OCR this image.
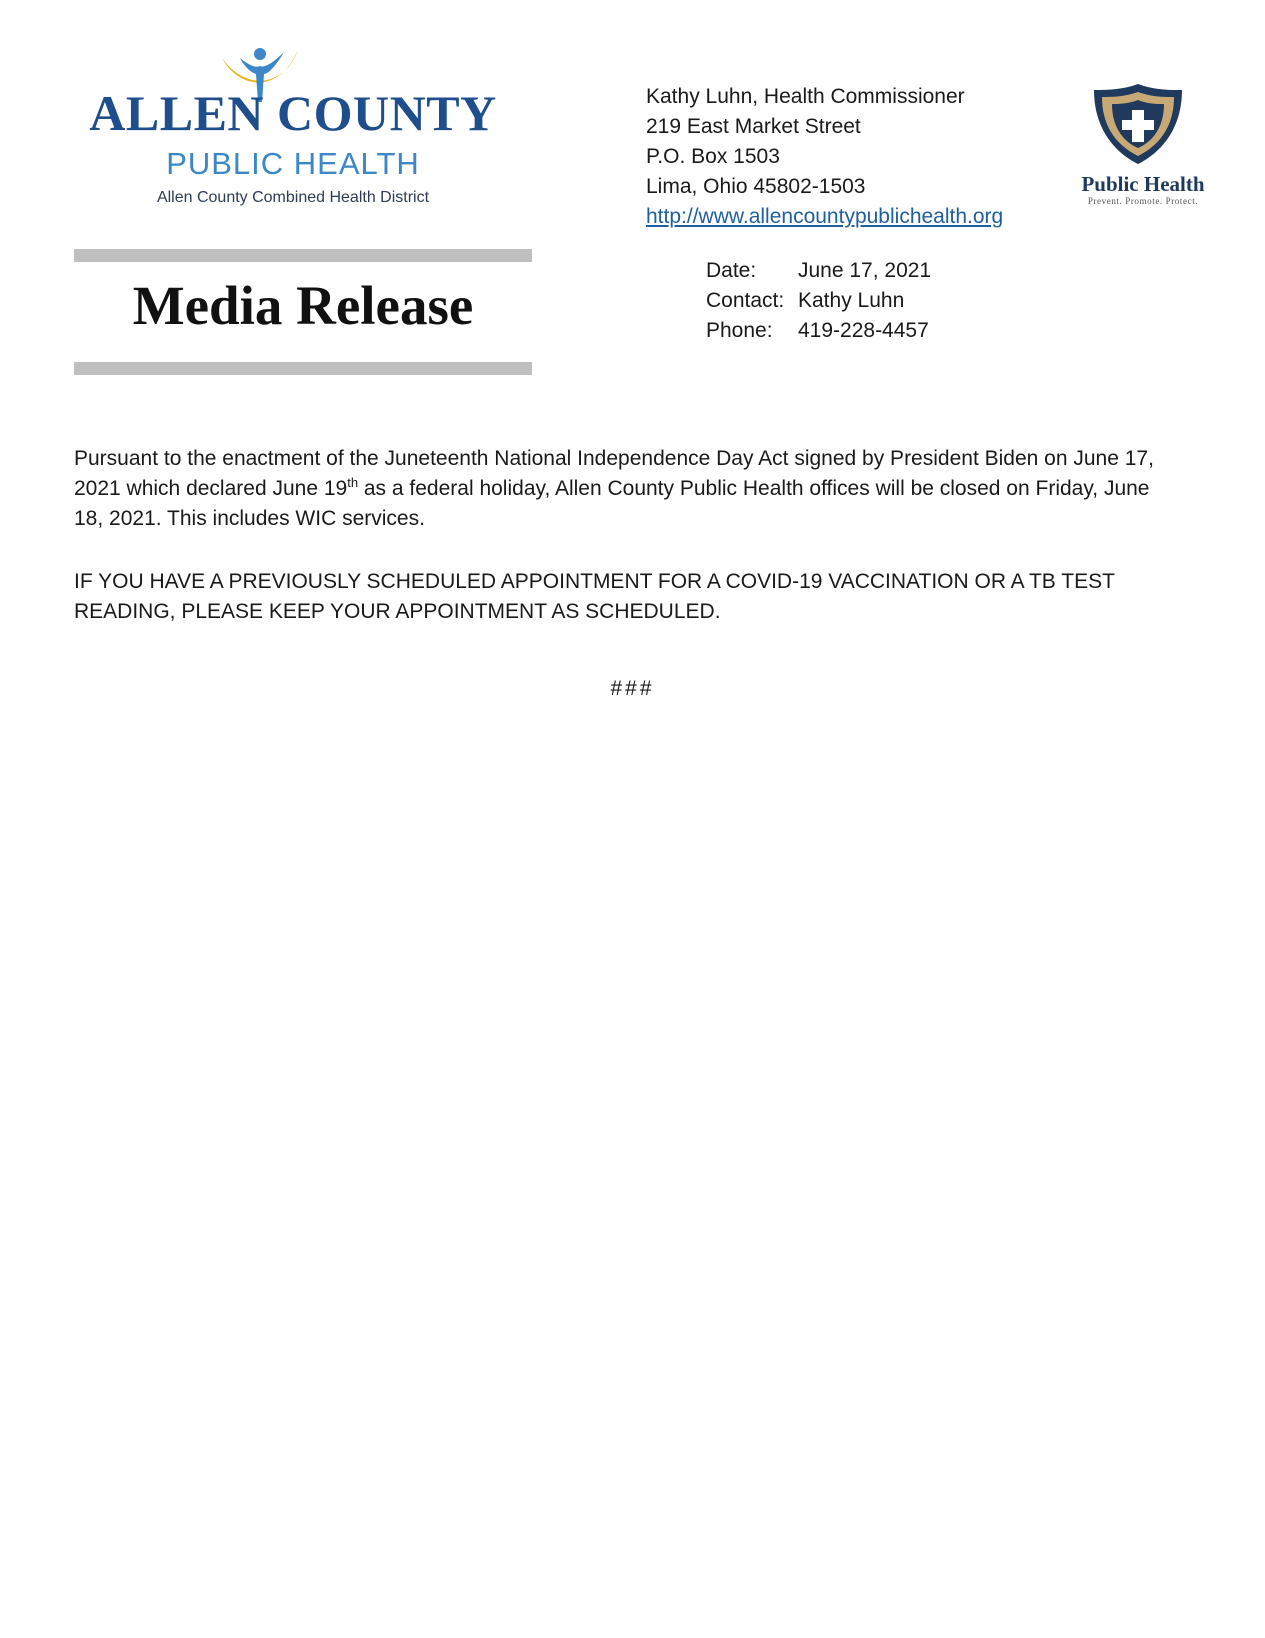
ALLEN COUNTY
PUBLIC HEALTH
Allen County Combined Health District
Media Release
Kathy Luhn, Health Commissioner
219 East Market Street
P.O. Box 1503
Lima, Ohio 45802-1503
http://www.allencountypublichealth.org
Public Health
Prevent. Promote. Protect.
Date:	June 17, 2021
Contact: Kathy Luhn
Phone:	419-228-4457
Pursuant to the enactment of the Juneteenth National Independence Day Act signed by President Biden on June 17, 2021 which declared June 19th as a federal holiday, Allen County Public Health offices will be closed on Friday, June 18, 2021. This includes WIC services.
IF YOU HAVE A PREVIOUSLY SCHEDULED APPOINTMENT FOR A COVID-19 VACCINATION OR A TB TEST READING, PLEASE KEEP YOUR APPOINTMENT AS SCHEDULED.
###
